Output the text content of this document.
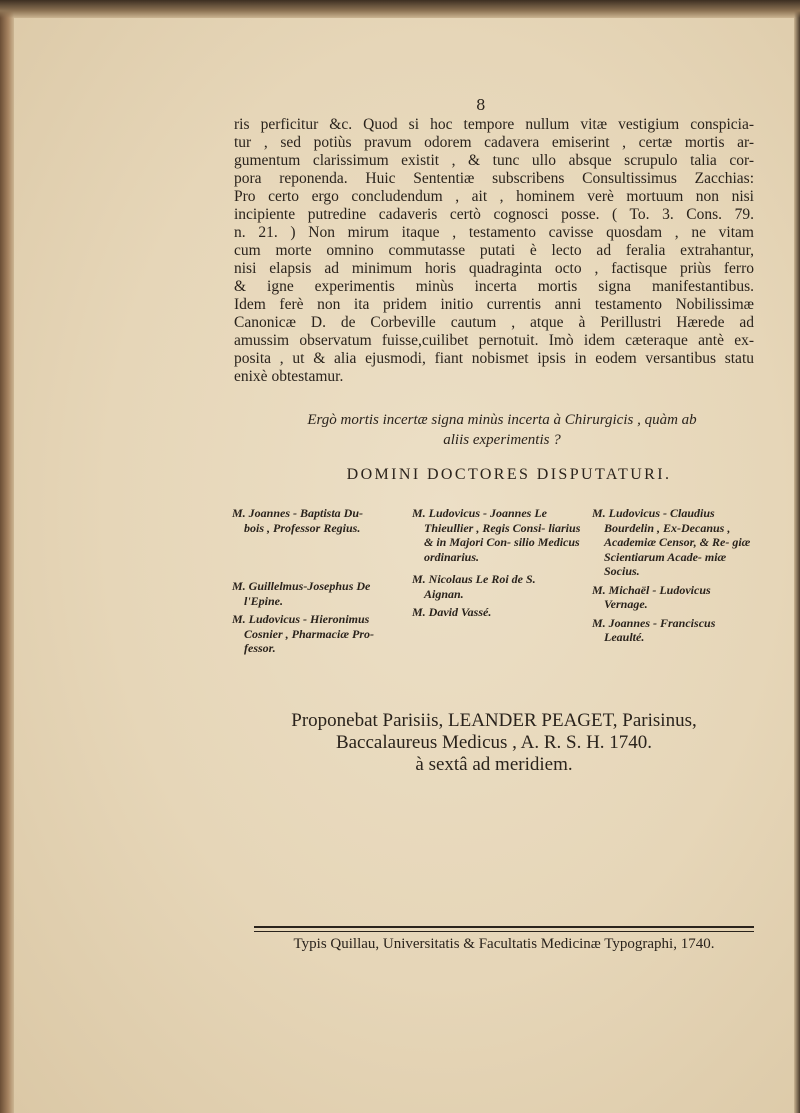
8
ris perficitur &c. Quod si hoc tempore nullum vitæ vestigium conspicia-
tur , sed potiùs pravum odorem cadavera emiserint , certæ mortis ar-
gumentum clarissimum existit , & tunc ullo absque scrupulo talia cor-
pora reponenda. Huic Sententiæ subscribens Consultissimus Zacchias:
Pro certo ergo concludendum , ait , hominem verè mortuum non nisi
incipiente putredine cadaveris certò cognosci posse. ( To. 3. Cons. 79.
n. 21. ) Non mirum itaque , testamento cavisse quosdam , ne vitam
cum morte omnino commutasse putati è lecto ad feralia extrahantur,
nisi elapsis ad minimum horis quadraginta octo , factisque priùs ferro
& igne experimentis minùs incerta mortis signa manifestantibus.
Idem ferè non ita pridem initio currentis anni testamento Nobilissimæ
Canonicæ D. de Corbeville cautum , atque à Perillustri Hærede ad
amussim observatum fuisse,cuilibet pernotuit. Imò idem cæteraque antè ex-
posita , ut & alia ejusmodi, fiant nobismet ipsis in eodem versantibus statu
enixè obtestamur.
Ergò mortis incertæ signa minùs incerta à Chirurgicis , quàm ab
aliis experimentis ?
DOMINI DOCTORES DISPUTATURI.
M. Joannes - Baptista Du-
bois , Professor Regius.
M. Guillelmus-Josephus De
l'Epine.
M. Ludovicus - Hieronimus
Cosnier , Pharmaciæ Pro- fessor.
M. Ludovicus - Joannes Le
Thieullier , Regis Consi- liarius & in Majori Con- silio Medicus ordinarius.
M. Nicolaus Le Roi de S.
Aignan.
M. David Vassé.
M. Ludovicus - Claudius
Bourdelin , Ex-Decanus , Academiæ Censor, & Re- giæ Scientiarum Acade- miæ Socius.
M. Michaël - Ludovicus
Vernage.
M. Joannes - Franciscus
Leaulté.
Proponebat Parisiis, LEANDER PEAGET, Parisinus,
Baccalaureus Medicus , A. R. S. H. 1740.
à sextâ ad meridiem.
Typis Quillau, Universitatis & Facultatis Medicinæ Typographi, 1740.
